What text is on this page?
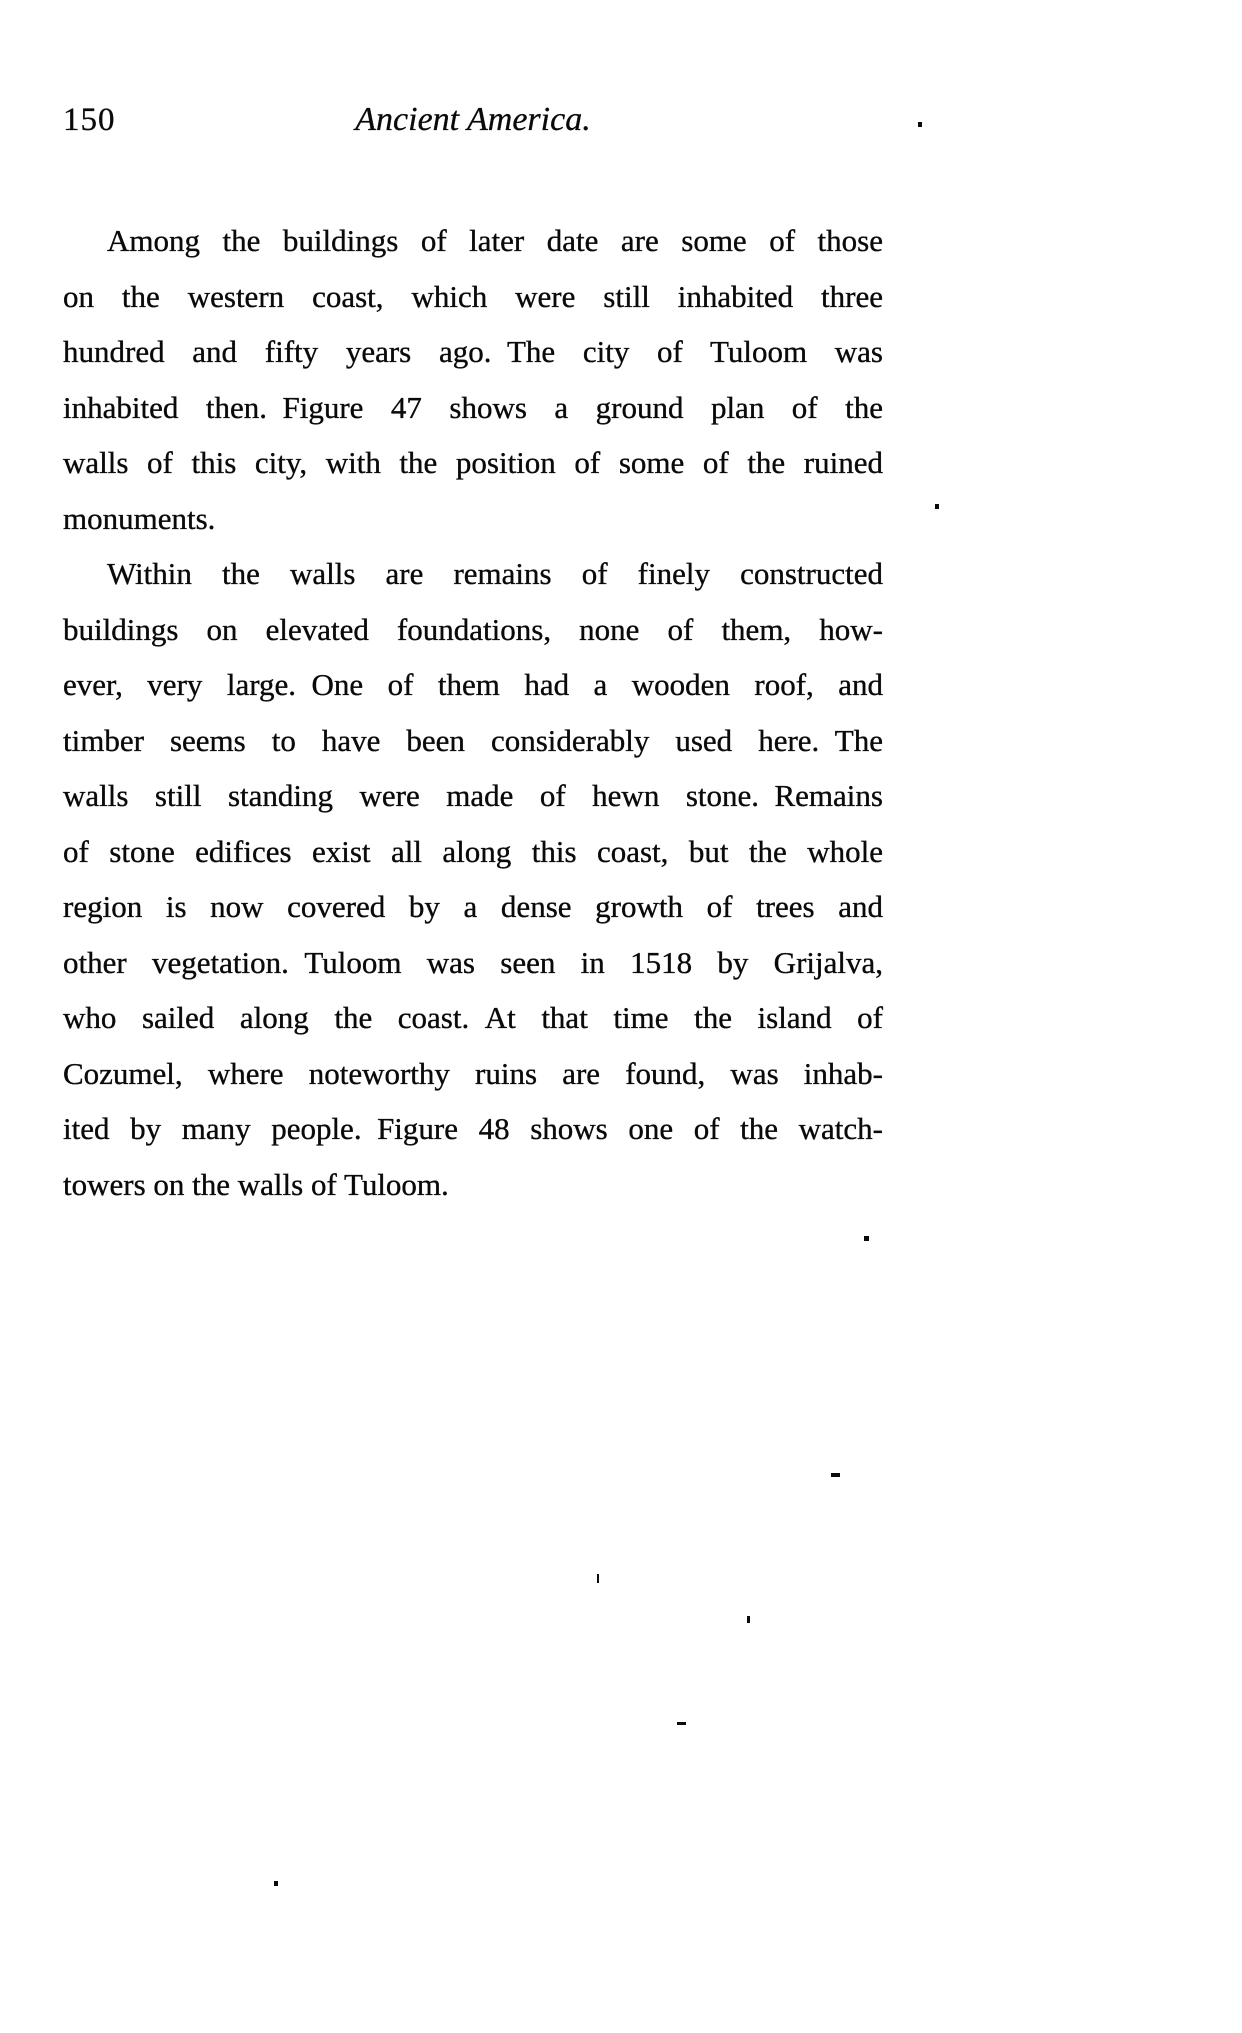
150	Ancient America.
Among the buildings of later date are some of those
on the western coast, which were still inhabited three
hundred and fifty years ago. The city of Tuloom was
inhabited then. Figure 47 shows a ground plan of the
walls of this city, with the position of some of the ruined
monuments.
Within the walls are remains of finely constructed
buildings on elevated foundations, none of them, how-
ever, very large. One of them had a wooden roof, and
timber seems to have been considerably used here. The
walls still standing were made of hewn stone. Remains
of stone edifices exist all along this coast, but the whole
region is now covered by a dense growth of trees and
other vegetation. Tuloom was seen in 1518 by Grijalva,
who sailed along the coast. At that time the island of
Cozumel, where noteworthy ruins are found, was inhab-
ited by many people. Figure 48 shows one of the watch-
towers on the walls of Tuloom.
